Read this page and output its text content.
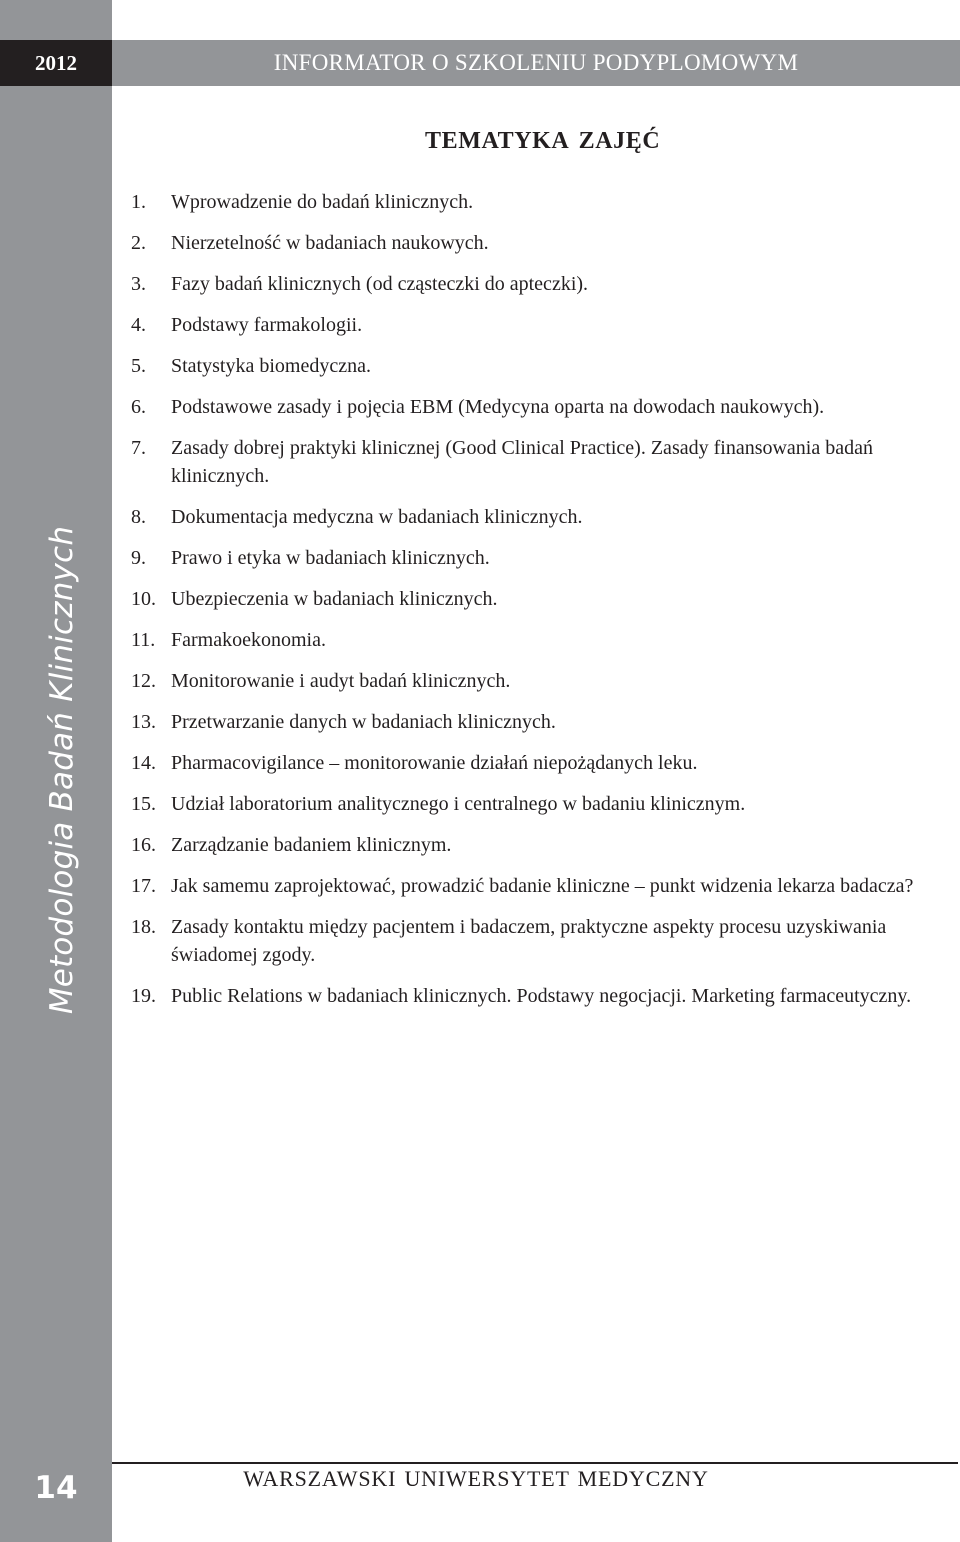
Metodologia Badań Klinicznych
14
2012	INFORMATOR O SZKOLENIU PODYPLOMOWYM
TEMATYKA ZAJĘĆ
1. Wprowadzenie do badań klinicznych.
2. Nierzetelność w badaniach naukowych.
3. Fazy badań klinicznych (od cząsteczki do apteczki).
4. Podstawy farmakologii.
5. Statystyka biomedyczna.
6. Podstawowe zasady i pojęcia EBM (Medycyna oparta na dowodach naukowych).
7. Zasady dobrej praktyki klinicznej (Good Clinical Practice). Zasady finansowania badań klinicznych.
8. Dokumentacja medyczna w badaniach klinicznych.
9. Prawo i etyka w badaniach klinicznych.
10. Ubezpieczenia w badaniach klinicznych.
11. Farmakoekonomia.
12. Monitorowanie i audyt badań klinicznych.
13. Przetwarzanie danych w badaniach klinicznych.
14. Pharmacovigilance – monitorowanie działań niepożądanych leku.
15. Udział laboratorium analitycznego i centralnego w badaniu klinicznym.
16. Zarządzanie badaniem klinicznym.
17. Jak samemu zaprojektować, prowadzić badanie kliniczne – punkt widzenia lekarza badacza?
18. Zasady kontaktu między pacjentem i badaczem, praktyczne aspekty procesu uzyskiwania świadomej zgody.
19. Public Relations w badaniach klinicznych. Podstawy negocjacji. Marketing farmaceutyczny.
WARSZAWSKI UNIWERSYTET MEDYCZNY
